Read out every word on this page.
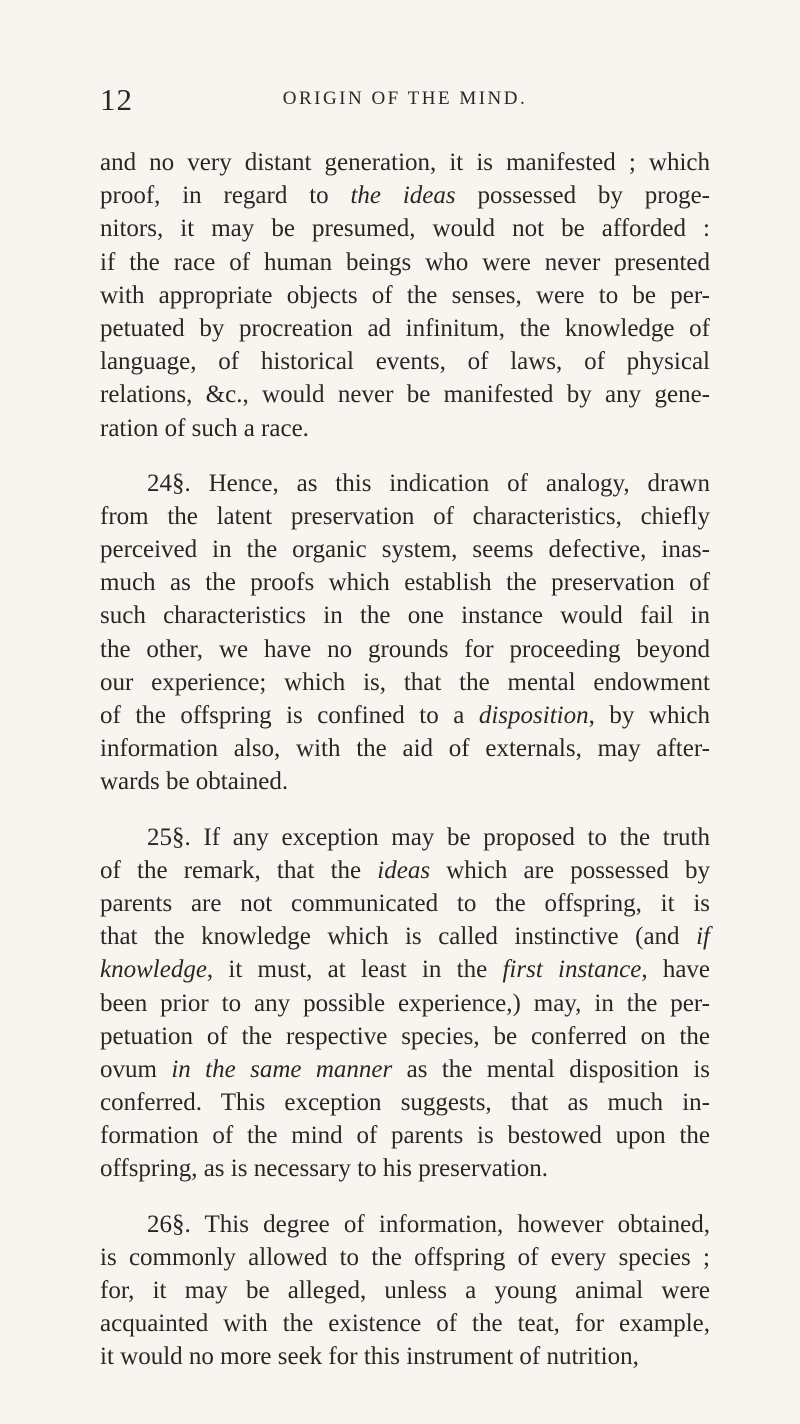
12	ORIGIN OF THE MIND.
and no very distant generation, it is manifested ; which
proof, in regard to the ideas possessed by proge-
nitors, it may be presumed, would not be afforded :
if the race of human beings who were never presented
with appropriate objects of the senses, were to be per-
petuated by procreation ad infinitum, the knowledge of
language, of historical events, of laws, of physical
relations, &c., would never be manifested by any gene-
ration of such a race.
24§. Hence, as this indication of analogy, drawn
from the latent preservation of characteristics, chiefly
perceived in the organic system, seems defective, inas-
much as the proofs which establish the preservation of
such characteristics in the one instance would fail in
the other, we have no grounds for proceeding beyond
our experience; which is, that the mental endowment
of the offspring is confined to a disposition, by which
information also, with the aid of externals, may after-
wards be obtained.
25§. If any exception may be proposed to the truth
of the remark, that the ideas which are possessed by
parents are not communicated to the offspring, it is
that the knowledge which is called instinctive (and if
knowledge, it must, at least in the first instance, have
been prior to any possible experience,) may, in the per-
petuation of the respective species, be conferred on the
ovum in the same manner as the mental disposition is
conferred. This exception suggests, that as much in-
formation of the mind of parents is bestowed upon the
offspring, as is necessary to his preservation.
26§. This degree of information, however obtained,
is commonly allowed to the offspring of every species ;
for, it may be alleged, unless a young animal were
acquainted with the existence of the teat, for example,
it would no more seek for this instrument of nutrition,
